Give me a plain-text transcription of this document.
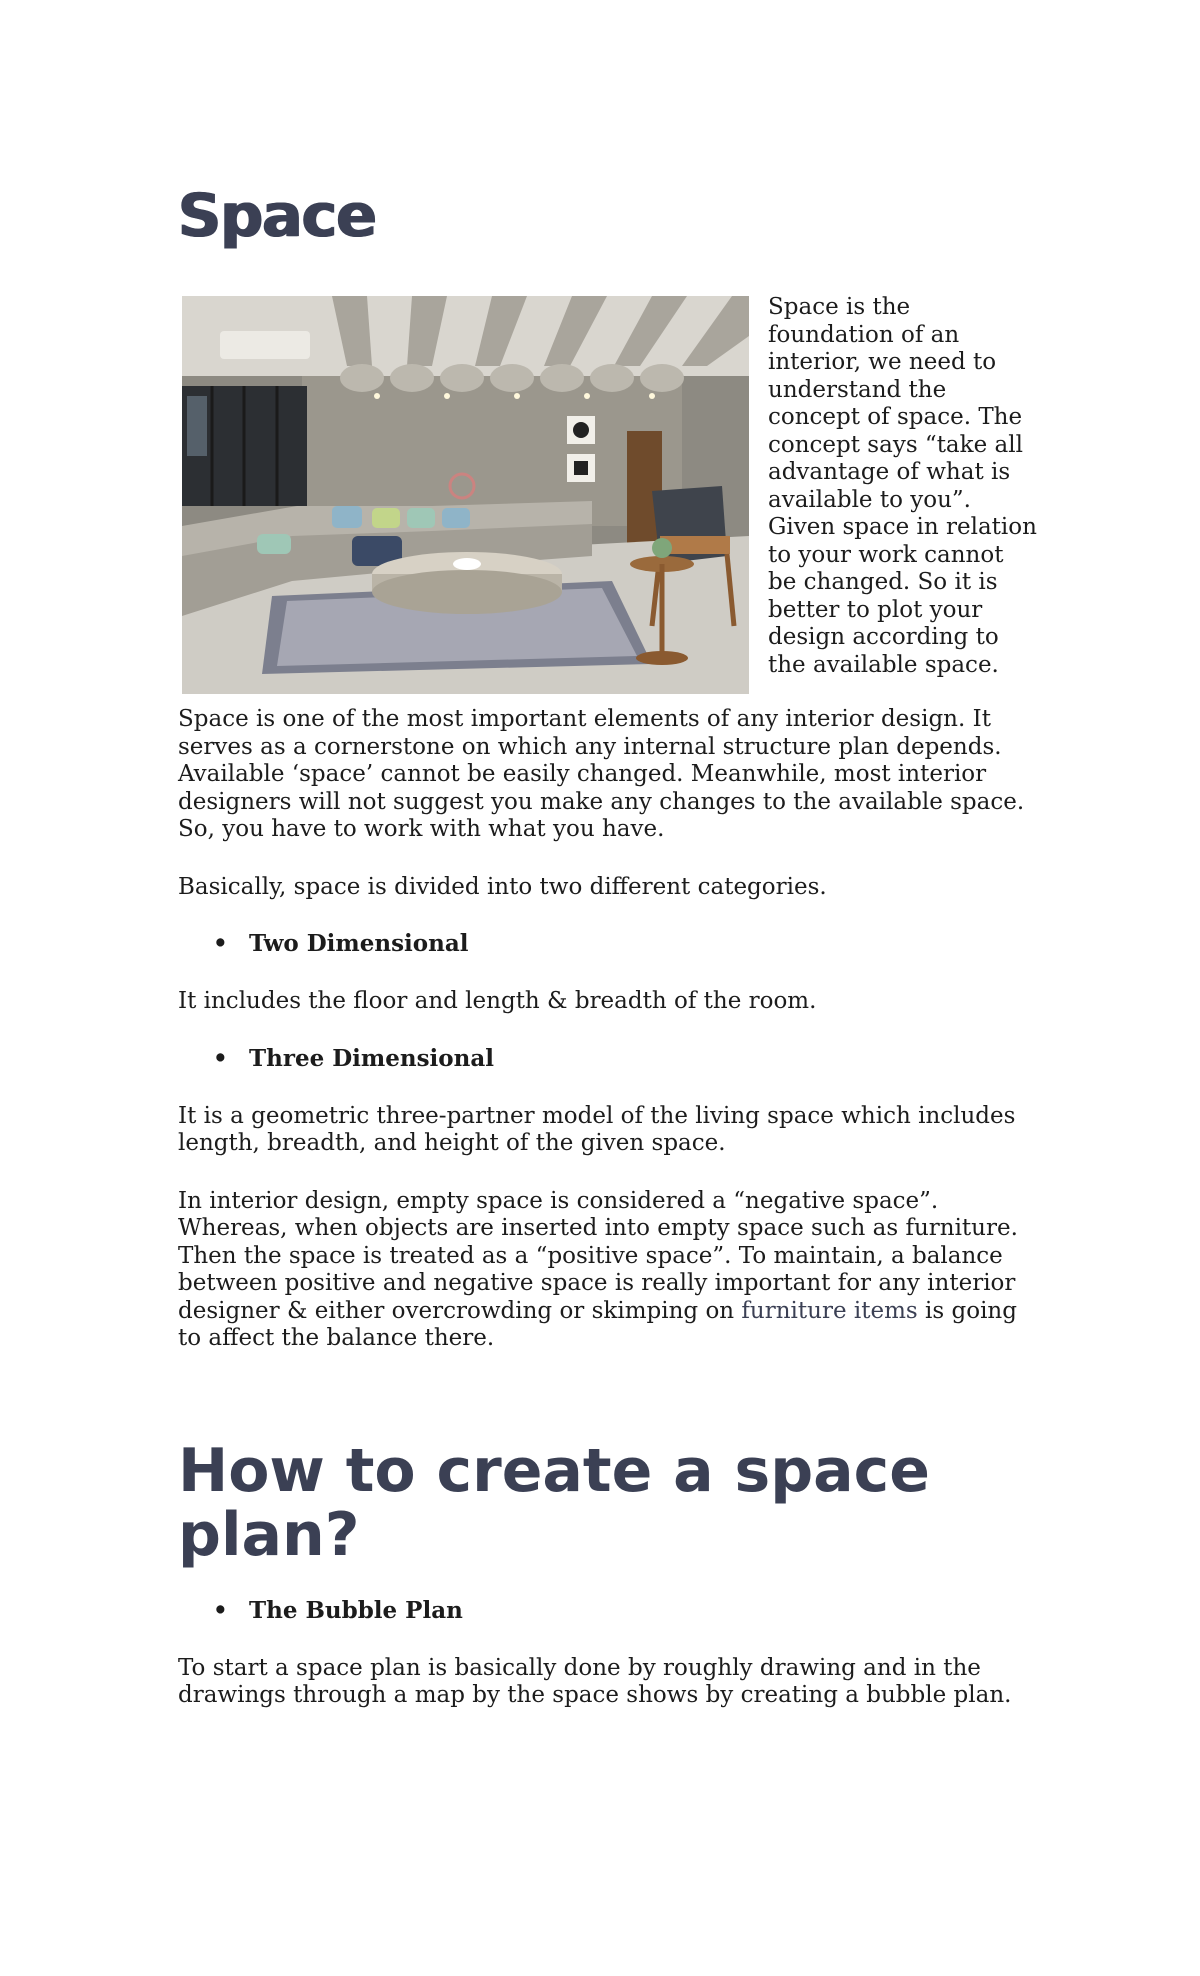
Space
Space is the foundation of an interior, we need to understand the concept of space. The concept says “take all advantage of what is available to you”. Given space in relation to your work cannot be changed. So it is better to plot your design according to the available space.

Space is one of the most important elements of any interior design. It serves as a cornerstone on which any internal structure plan depends. Available ‘space’ cannot be easily changed. Meanwhile, most interior designers will not suggest you make any changes to the available space. So, you have to work with what you have.

Basically, space is divided into two different categories.

• Two Dimensional

It includes the floor and length & breadth of the room.

• Three Dimensional

It is a geometric three-partner model of the living space which includes length, breadth, and height of the given space.

In interior design, empty space is considered a “negative space”. Whereas, when objects are inserted into empty space such as furniture. Then the space is treated as a “positive space”. To maintain, a balance between positive and negative space is really important for any interior designer & either overcrowding or skimping on furniture items is going to affect the balance there.

How to create a space plan?
• The Bubble Plan

To start a space plan is basically done by roughly drawing and in the drawings through a map by the space shows by creating a bubble plan.
